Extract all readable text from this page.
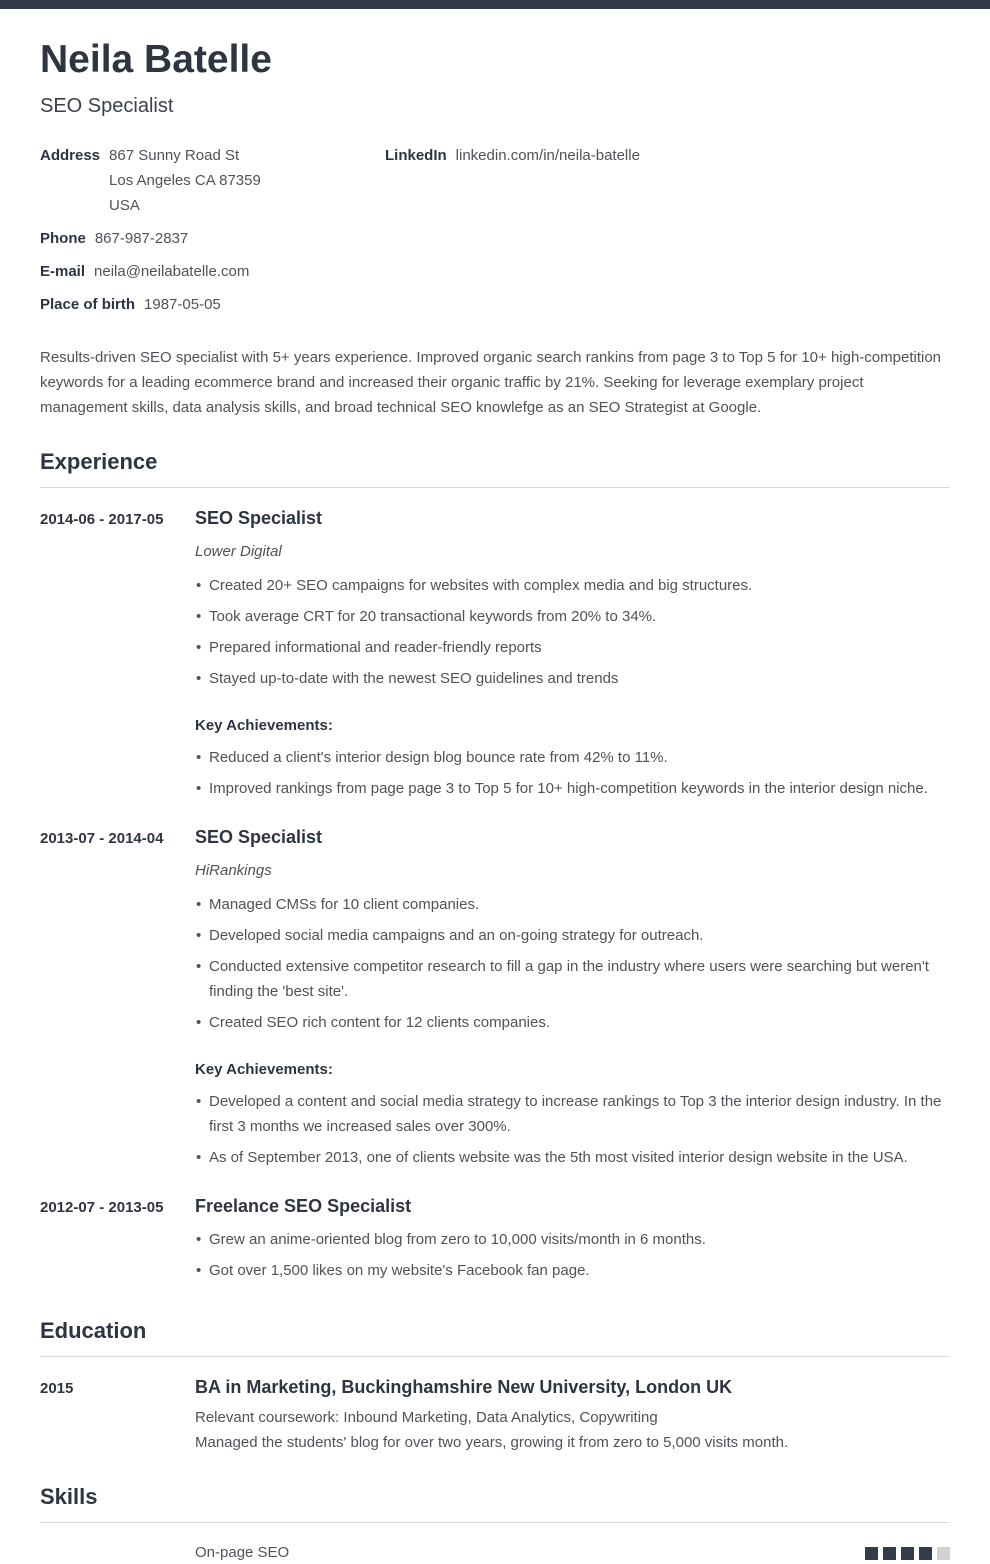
Neila Batelle
SEO Specialist
Address 867 Sunny Road St
Los Angeles CA 87359
USA
Phone 867-987-2837
E-mail neila@neilabatelle.com
Place of birth 1987-05-05
LinkedIn linkedin.com/in/neila-batelle
Results-driven SEO specialist with 5+ years experience. Improved organic search rankins from page 3 to Top 5 for 10+ high-competition keywords for a leading ecommerce brand and increased their organic traffic by 21%. Seeking for leverage exemplary project management skills, data analysis skills, and broad technical SEO knowlefge as an SEO Strategist at Google.
Experience
2014-06 - 2017-05	SEO Specialist
Lower Digital
• Created 20+ SEO campaigns for websites with complex media and big structures.
• Took average CRT for 20 transactional keywords from 20% to 34%.
• Prepared informational and reader-friendly reports
• Stayed up-to-date with the newest SEO guidelines and trends
Key Achievements:
• Reduced a client's interior design blog bounce rate from 42% to 11%.
• Improved rankings from page page 3 to Top 5 for 10+ high-competition keywords in the interior design niche.
2013-07 - 2014-04	SEO Specialist
HiRankings
• Managed CMSs for 10 client companies.
• Developed social media campaigns and an on-going strategy for outreach.
• Conducted extensive competitor research to fill a gap in the industry where users were searching but weren't finding the 'best site'.
• Created SEO rich content for 12 clients companies.
Key Achievements:
• Developed a content and social media strategy to increase rankings to Top 3 the interior design industry. In the first 3 months we increased sales over 300%.
• As of September 2013, one of clients website was the 5th most visited interior design website in the USA.
2012-07 - 2013-05	Freelance SEO Specialist
• Grew an anime-oriented blog from zero to 10,000 visits/month in 6 months.
• Got over 1,500 likes on my website's Facebook fan page.
Education
2015	BA in Marketing, Buckinghamshire New University, London UK
Relevant coursework: Inbound Marketing, Data Analytics, Copywriting
Managed the students' blog for over two years, growing it from zero to 5,000 visits month.
Skills
On-page SEO
